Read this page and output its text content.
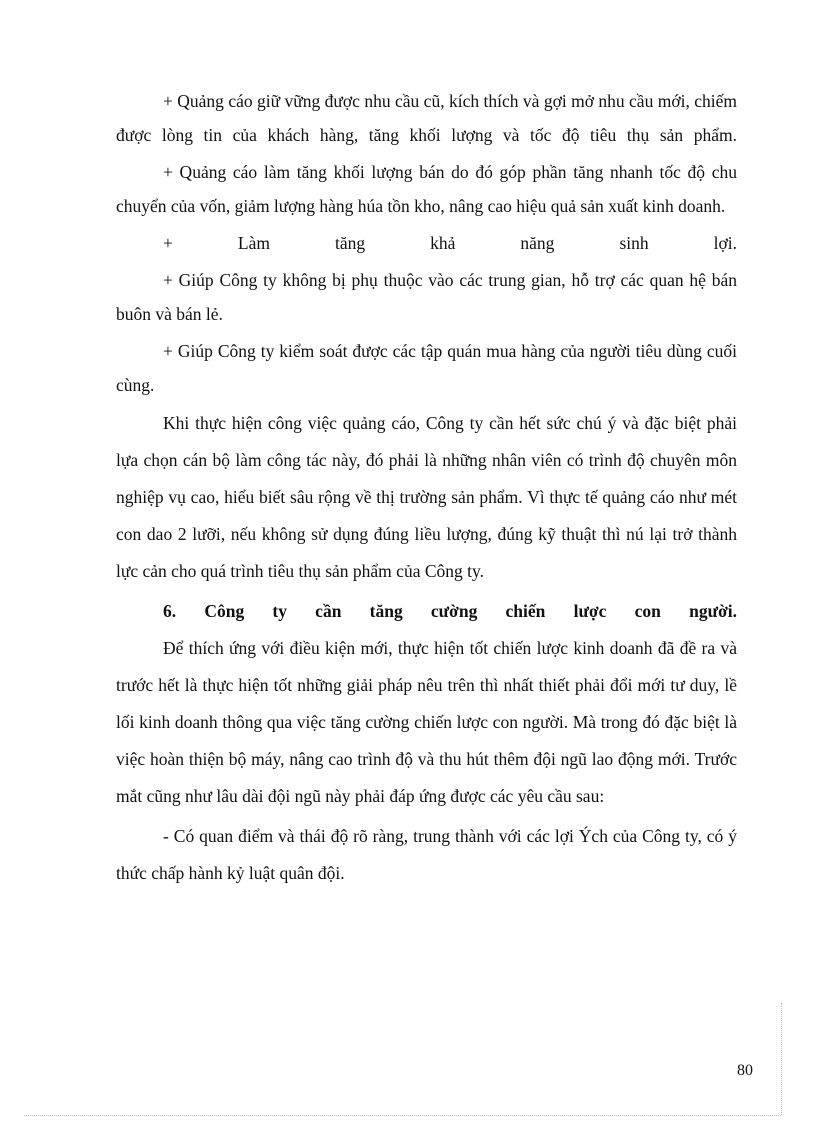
+ Quảng cáo giữ vững được nhu cầu cũ, kích thích và gợi mở nhu cầu mới, chiếm được lòng tin của khách hàng, tăng khối lượng và tốc độ tiêu thụ sản phẩm.

+ Quảng cáo làm tăng khối lượng bán do đó góp phần tăng nhanh tốc độ chu chuyển của vốn, giảm lượng hàng húa tồn kho, nâng cao hiệu quả sản xuất kinh doanh.

+ Làm tăng khả năng sinh lợi.

+ Giúp Công ty không bị phụ thuộc vào các trung gian, hỗ trợ các quan hệ bán buôn và bán lẻ.

+ Giúp Công ty kiểm soát được các tập quán mua hàng của người tiêu dùng cuối cùng.

Khi thực hiện công việc quảng cáo, Công ty cần hết sức chú ý và đặc biệt phải lựa chọn cán bộ làm công tác này, đó phải là những nhân viên có trình độ chuyên môn nghiệp vụ cao, hiểu biết sâu rộng về thị trường sản phẩm. Vì thực tế quảng cáo như mét con dao 2 lưỡi, nếu không sử dụng đúng liều lượng, đúng kỹ thuật thì nú lại trở thành lực cản cho quá trình tiêu thụ sản phẩm của Công ty.

6. Công ty cần tăng cường chiến lược con người.

Để thích ứng với điều kiện mới, thực hiện tốt chiến lược kinh doanh đã đề ra và trước hết là thực hiện tốt những giải pháp nêu trên thì nhất thiết phải đổi mới tư duy, lề lối kinh doanh thông qua việc tăng cường chiến lược con người. Mà trong đó đặc biệt là việc hoàn thiện bộ máy, nâng cao trình độ và thu hút thêm đội ngũ lao động mới. Trước mắt cũng như lâu dài đội ngũ này phải đáp ứng được các yêu cầu sau:

- Có quan điểm và thái độ rõ ràng, trung thành với các lợi Ých của Công ty, có ý thức chấp hành kỷ luật quân đội.

80
